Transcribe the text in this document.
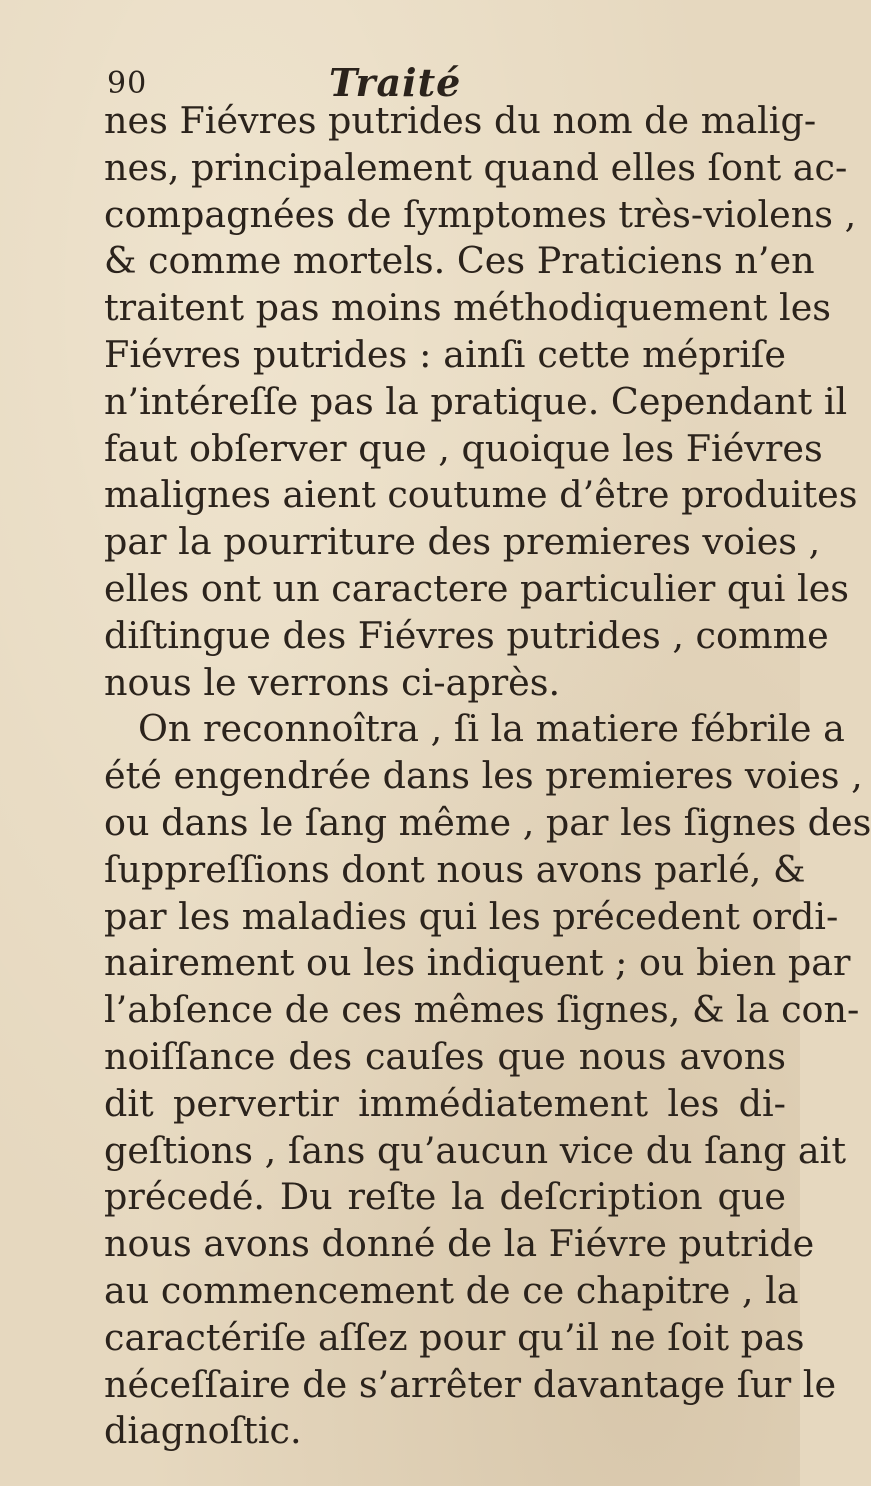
90	Traité
nes Fiévres putrides du nom de malig-
nes, principalement quand elles ſont ac-
compagnées de ſymptomes très-violens ,
& comme mortels. Ces Praticiens n’en
traitent pas moins méthodiquement les
Fiévres putrides : ainſi cette mépriſe
n’intéreſſe pas la pratique. Cependant il
faut obſerver que , quoique les Fiévres
malignes aient coutume d’être produites
par la pourriture des premieres voies ,
elles ont un caractere particulier qui les
diſtingue des Fiévres putrides , comme
nous le verrons ci-après.
On reconnoîtra , ſi la matiere fébrile a
été engendrée dans les premieres voies ,
ou dans le ſang même , par les ſignes des
ſuppreſſions dont nous avons parlé, &
par les maladies qui les précedent ordi-
nairement ou les indiquent ; ou bien par
l’abſence de ces mêmes ſignes, & la con-
noiſſance des cauſes que nous avons
dit pervertir immédiatement les di-
geſtions , ſans qu’aucun vice du ſang ait
précedé. Du reſte la deſcription que
nous avons donné de la Fiévre putride
au commencement de ce chapitre , la
caractériſe aſſez pour qu’il ne ſoit pas
néceſſaire de s’arrêter davantage ſur le
diagnoſtic.
